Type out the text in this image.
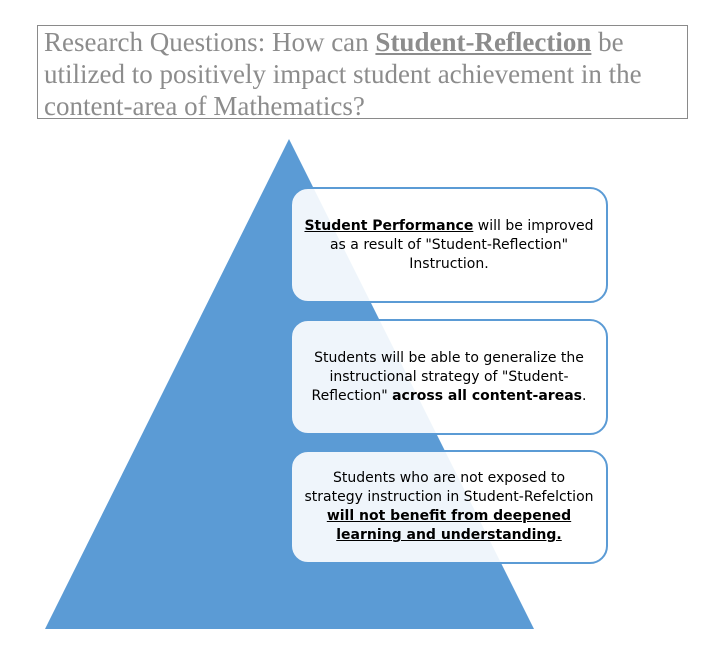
Research Questions: How can Student-Reflection be utilized to positively impact student achievement in the content-area of Mathematics?
Student Performance will be improved as a result of "Student-Reflection" Instruction.
Students will be able to generalize the instructional strategy of "Student-Reflection" across all content-areas.
Students who are not exposed to strategy instruction in Student-Refelction will not benefit from deepened learning and understanding.
